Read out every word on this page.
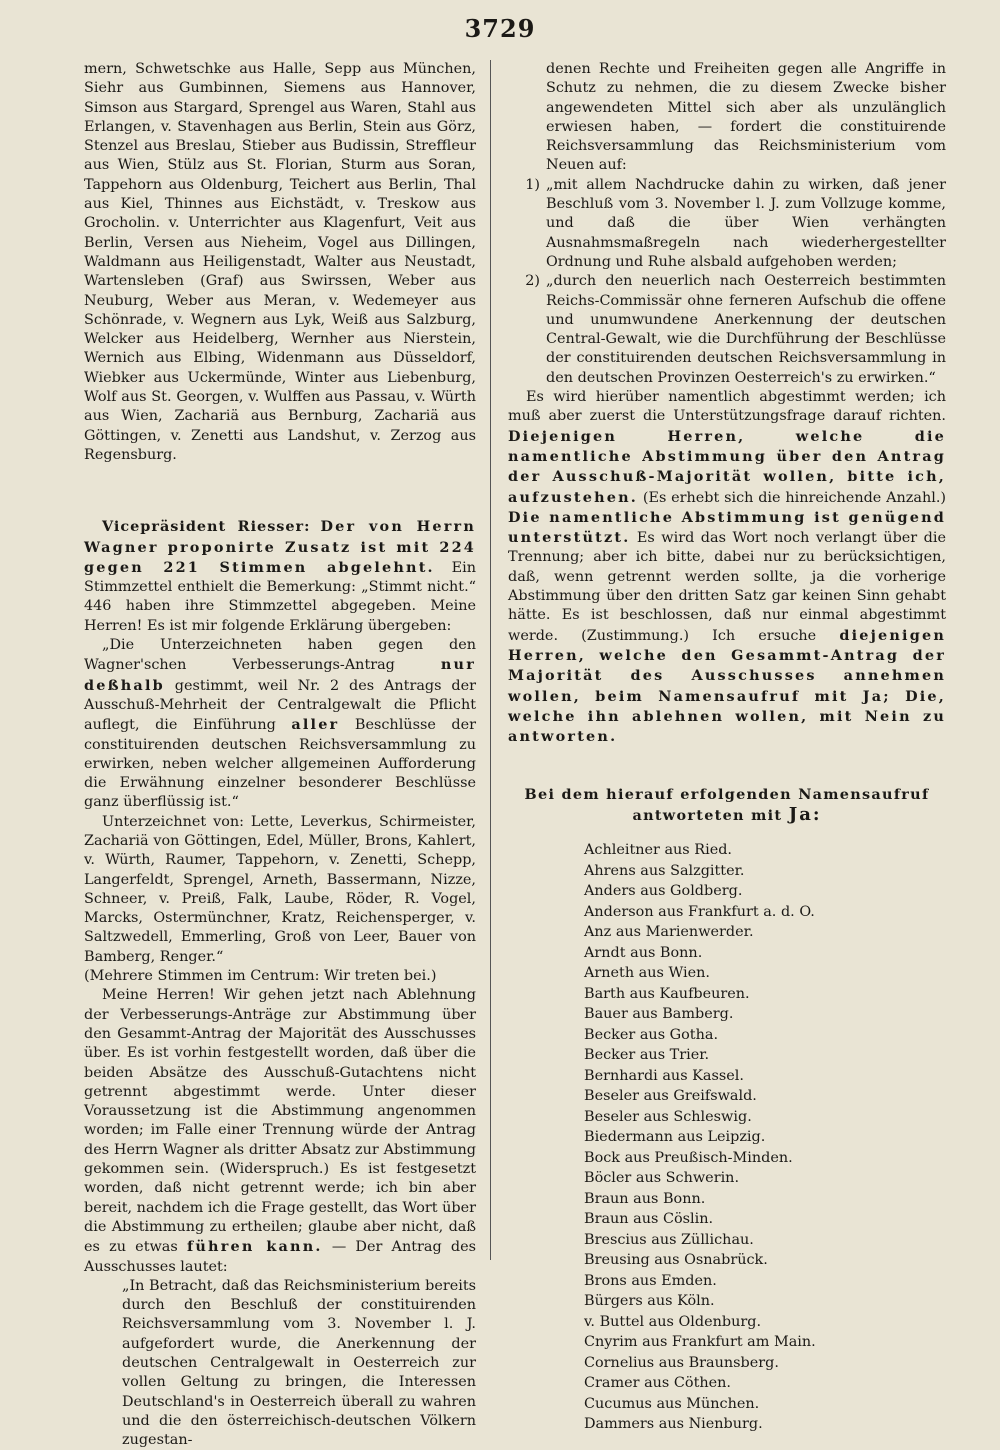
3729

mern, Schwetschke aus Halle, Sepp aus München, Siehr aus Gumbinnen, Siemens aus Hannover, Simson aus Stargard, Sprengel aus Waren, Stahl aus Erlangen, v. Stavenhagen aus Berlin, Stein aus Görz, Stenzel aus Breslau, Stieber aus Budissin, Streffleur aus Wien, Stülz aus St. Florian, Sturm aus Soran, Tappehorn aus Oldenburg, Teichert aus Berlin, Thal aus Kiel, Thinnes aus Eichstädt, v. Treskow aus Grocholin. v. Unterrichter aus Klagenfurt, Veit aus Berlin, Versen aus Nieheim, Vogel aus Dillingen, Waldmann aus Heiligenstadt, Walter aus Neustadt, Wartensleben (Graf) aus Swirssen, Weber aus Neuburg, Weber aus Meran, v. Wedemeyer aus Schönrade, v. Wegnern aus Lyk, Weiß aus Salzburg, Welcker aus Heidelberg, Wernher aus Nierstein, Wernich aus Elbing, Widenmann aus Düsseldorf, Wiebker aus Uckermünde, Winter aus Liebenburg, Wolf aus St. Georgen, v. Wulffen aus Passau, v. Würth aus Wien, Zachariä aus Bernburg, Zachariä aus Göttingen, v. Zenetti aus Landshut, v. Zerzog aus Regensburg.

Vicepräsident Riesser: Der von Herrn Wagner proponirte Zusatz ist mit 224 gegen 221 Stimmen abgelehnt. Ein Stimmzettel enthielt die Bemerkung: „Stimmt nicht.“ 446 haben ihre Stimmzettel abgegeben. Meine Herren! Es ist mir folgende Erklärung übergeben:

„Die Unterzeichneten haben gegen den Wagner'schen Verbesserungs-Antrag	nur deßhalb gestimmt, weil Nr. 2 des Antrags der Ausschuß-Mehrheit der Centralgewalt die Pflicht auflegt, die Einführung aller Beschlüsse der constituirenden deutschen Reichsversammlung zu erwirken, neben welcher allgemeinen Aufforderung die Erwähnung einzelner besonderer Beschlüsse ganz überflüssig ist.“

Unterzeichnet von: Lette, Leverkus, Schirmeister, Zachariä von Göttingen, Edel, Müller, Brons, Kahlert, v. Würth, Raumer, Tappehorn, v. Zenetti, Schepp, Langerfeldt, Sprengel, Arneth, Bassermann, Nizze, Schneer, v. Preiß, Falk, Laube, Röder, R. Vogel, Marcks, Ostermünchner, Kratz, Reichensperger, v. Saltzwedell, Emmerling, Groß von Leer, Bauer von Bamberg, Renger.“

(Mehrere Stimmen im Centrum: Wir treten bei.)

Meine Herren! Wir gehen jetzt nach Ablehnung der Verbesserungs-Anträge zur Abstimmung über den Gesammt-Antrag der Majorität des Ausschusses über. Es ist vorhin festgestellt worden, daß über die beiden Absätze des Ausschuß-Gutachtens nicht getrennt abgestimmt werde. Unter dieser Voraussetzung ist die Abstimmung angenommen worden; im Falle einer Trennung würde der Antrag des Herrn Wagner als dritter Absatz zur Abstimmung gekommen sein. (Widerspruch.) Es ist festgesetzt worden, daß nicht getrennt werde; ich bin aber bereit, nachdem ich die Frage gestellt, das Wort über die Abstimmung zu ertheilen; glaube aber nicht, daß es zu etwas führen kann. — Der Antrag des Ausschusses lautet:

„In Betracht, daß das Reichsministerium bereits durch den Beschluß der constituirenden Reichsversammlung vom 3. November l. J. aufgefordert wurde, die Anerkennung der deutschen Centralgewalt in Oesterreich zur vollen Geltung zu bringen, die Interessen Deutschland's in Oesterreich überall zu wahren und die den österreichisch-deutschen Völkern zugestan-

denen Rechte und Freiheiten gegen alle Angriffe in Schutz zu nehmen, die zu diesem Zwecke bisher angewendeten Mittel sich aber als unzulänglich erwiesen haben, — fordert die constituirende Reichsversammlung das Reichsministerium vom Neuen auf:

1) „mit allem Nachdrucke dahin zu wirken, daß jener Beschluß vom 3. November l. J. zum Vollzuge komme, und daß die über Wien verhängten Ausnahmsmaßregeln nach wiederhergestellter Ordnung und Ruhe alsbald aufgehoben werden;
2) „durch den neuerlich nach Oesterreich bestimmten Reichs-Commissär ohne ferneren Aufschub die offene und unumwundene Anerkennung der deutschen Central-Gewalt, wie die Durchführung der Beschlüsse der constituirenden deutschen Reichsversammlung in den deutschen Provinzen Oesterreich's zu erwirken.“

Es wird hierüber namentlich abgestimmt werden; ich muß aber zuerst die Unterstützungsfrage darauf richten. Diejenigen Herren, welche die namentliche Abstimmung über den Antrag der Ausschuß-Majorität wollen, bitte ich, aufzustehen. (Es erhebt sich die hinreichende Anzahl.) Die namentliche Abstimmung ist genügend unterstützt. Es wird das Wort noch verlangt über die Trennung; aber ich bitte, dabei nur zu berücksichtigen, daß, wenn getrennt werden sollte, ja die vorherige Abstimmung über den dritten Satz gar keinen Sinn gehabt hätte. Es ist beschlossen, daß nur einmal abgestimmt werde. (Zustimmung.) Ich ersuche diejenigen Herren, welche den Gesammt-Antrag der Majorität des Ausschusses annehmen wollen, beim Namensaufruf mit Ja; Die, welche ihn ablehnen wollen, mit Nein zu antworten.

Bei dem hierauf erfolgenden Namensaufruf antworteten mit Ja:

Achleitner aus Ried.
Ahrens aus Salzgitter.
Anders aus Goldberg.
Anderson aus Frankfurt a. d. O.
Anz aus Marienwerder.
Arndt aus Bonn.
Arneth aus Wien.
Barth aus Kaufbeuren.
Bauer aus Bamberg.
Becker aus Gotha.
Becker aus Trier.
Bernhardi aus Kassel.
Beseler aus Greifswald.
Beseler aus Schleswig.
Biedermann aus Leipzig.
Bock aus Preußisch-Minden.
Böcler aus Schwerin.
Braun aus Bonn.
Braun aus Cöslin.
Brescius aus Züllichau.
Breusing aus Osnabrück.
Brons aus Emden.
Bürgers aus Köln.
v. Buttel aus Oldenburg.
Cnyrim aus Frankfurt am Main.
Cornelius aus Braunsberg.
Cramer aus Cöthen.
Cucumus aus München.
Dammers aus Nienburg.
